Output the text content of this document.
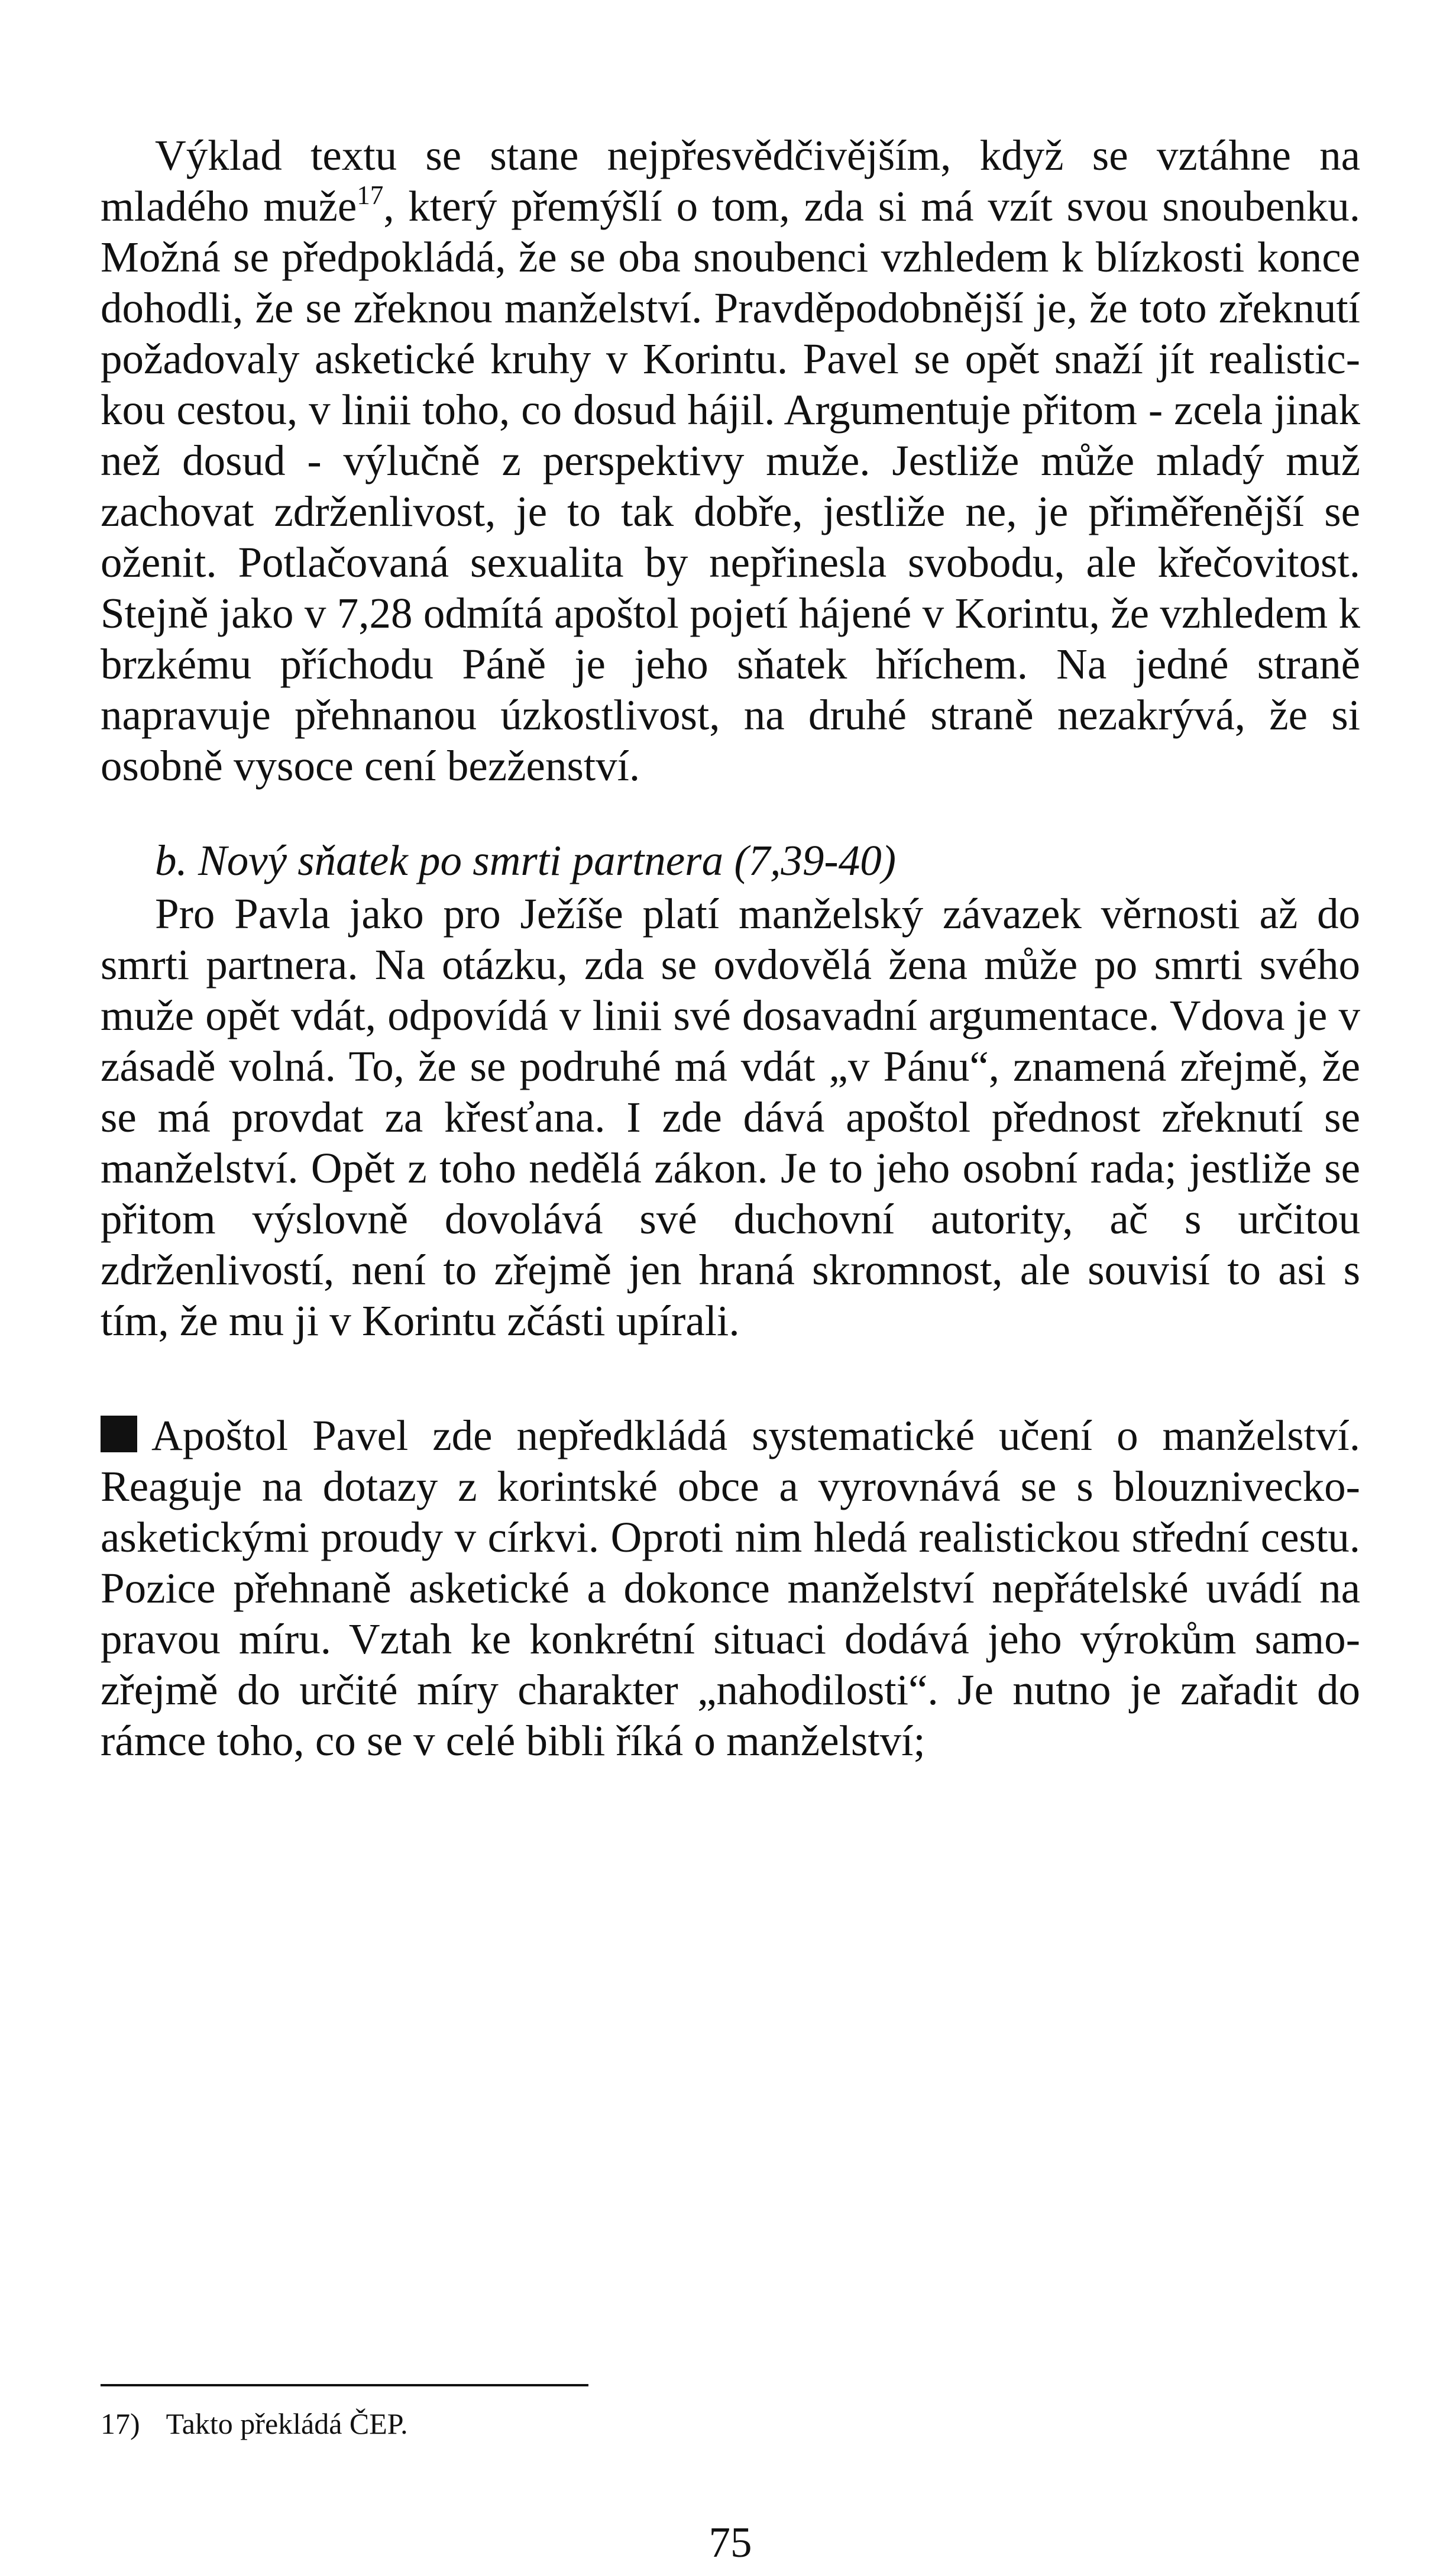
Výklad textu se stane nejpřesvědčivějším, když se vztáhne na mladého muže$^{17}$, který přemýšlí o tom, zda si má vzít svou snoubenku. Možná se předpokládá, že se oba snoubenci vzhledem k blízkosti konce dohodli, že se zřeknou manželství. Pravděpodobnější je, že toto zřeknutí požadovaly asketické kruhy v Korintu. Pavel se opět snaží jít realistickou cestou, v linii toho, co dosud hájil. Argumentuje přitom - zcela jinak než dosud - výlučně z perspektivy muže. Jestliže může mladý muž zachovat zdrženlivost, je to tak dobře, jestliže ne, je přiměřenější se oženit. Potlačovaná sexualita by nepřinesla svobodu, ale křečovitost. Stejně jako v 7,28 odmítá apoštol pojetí hájené v Korintu, že vzhledem k brzkému příchodu Páně je jeho sňatek hříchem. Na jedné straně napravuje přehnanou úzkostlivost, na druhé straně nezakrývá, že si osobně vysoce cení bezženství.

b. Nový sňatek po smrti partnera (7,39-40)

Pro Pavla jako pro Ježíše platí manželský závazek věrnosti až do smrti partnera. Na otázku, zda se ovdovělá žena může po smrti svého muže opět vdát, odpovídá v linii své dosavadní argumentace. Vdova je v zásadě volná. To, že se podruhé má vdát „v Pánu“, znamená zřejmě, že se má provdat za křesťana. I zde dává apoštol přednost zřeknutí se manželství. Opět z toho nedělá zákon. Je to jeho osobní rada; jestliže se přitom výslovně dovolává své duchovní autority, ač s určitou zdrženlivostí, není to zřejmě jen hraná skromnost, ale souvisí to asi s tím, že mu ji v Korintu zčásti upírali.

Apoštol Pavel zde nepředkládá systematické učení o manželství. Reaguje na dotazy z korintské obce a vyrovnává se s blouznivecko-asketickými proudy v církvi. Oproti nim hledá realistickou střední cestu. Pozice přehnaně asketické a dokonce manželství nepřátelské uvádí na pravou míru. Vztah ke konkrétní situaci dodává jeho výrokům samozřejmě do určité míry charakter „nahodilosti“. Je nutno je zařadit do rámce toho, co se v celé bibli říká o manželství;

17) Takto překládá ČEP.
75
